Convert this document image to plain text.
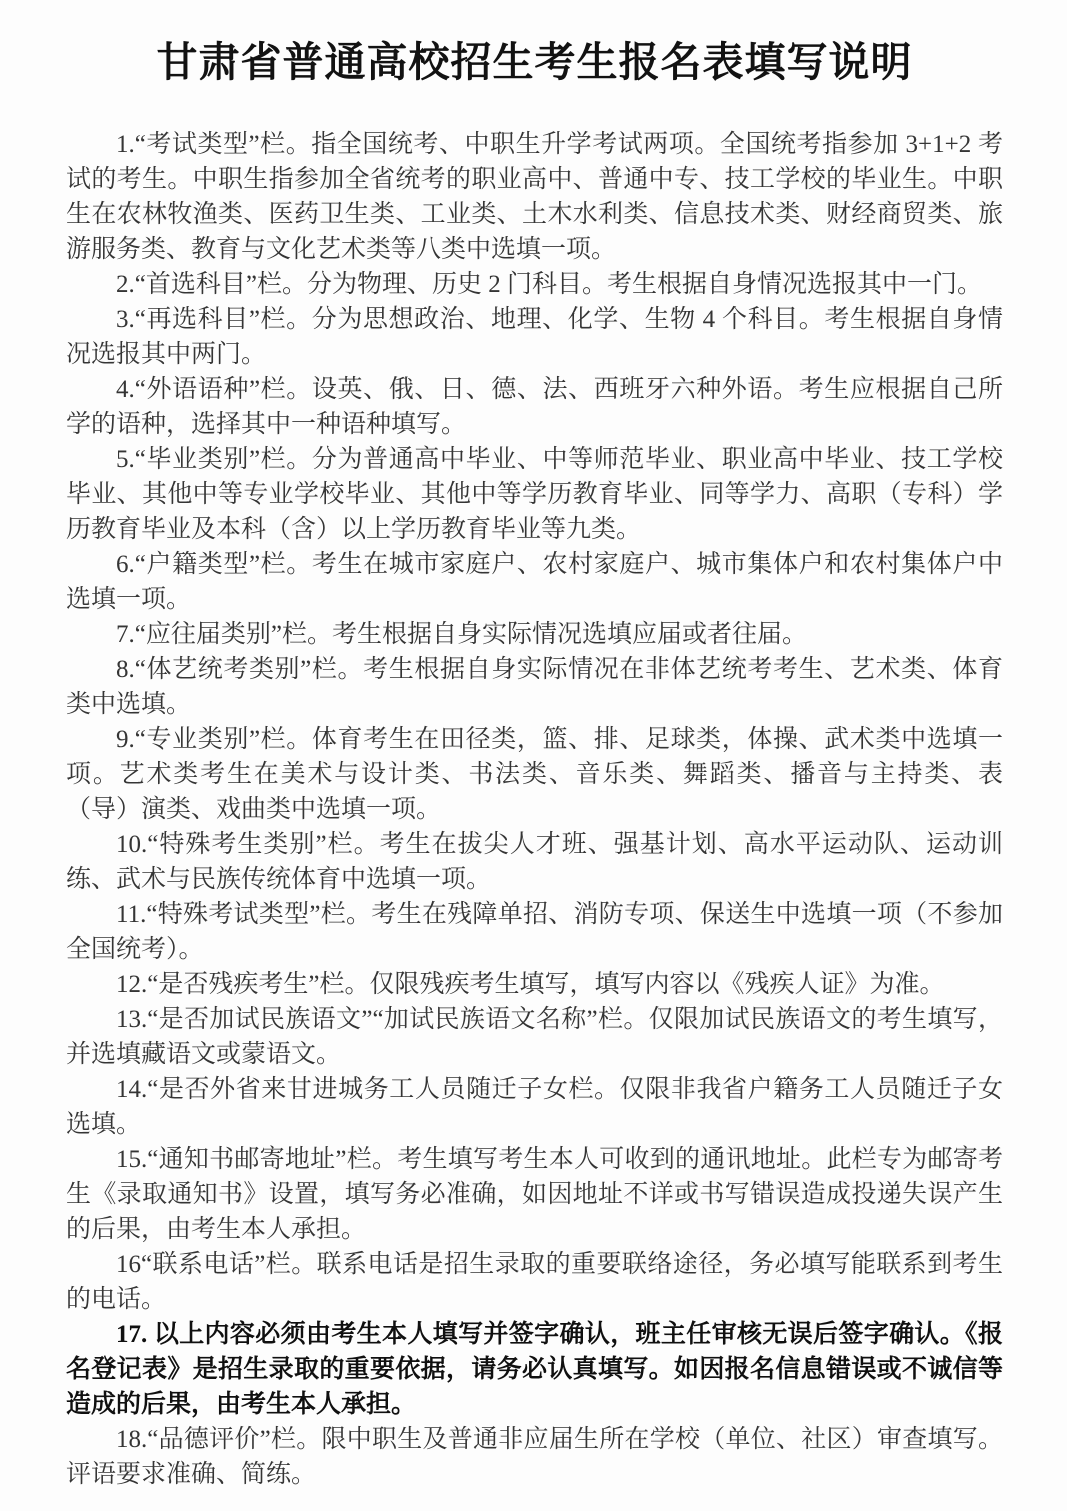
甘肃省普通高校招生考生报名表填写说明

1.“考试类型”栏。指全国统考、中职生升学考试两项。全国统考指参加 3+1+2 考试的考生。中职生指参加全省统考的职业高中、普通中专、技工学校的毕业生。中职生在农林牧渔类、医药卫生类、工业类、土木水利类、信息技术类、财经商贸类、旅游服务类、教育与文化艺术类等八类中选填一项。

2.“首选科目”栏。分为物理、历史 2 门科目。考生根据自身情况选报其中一门。

3.“再选科目”栏。分为思想政治、地理、化学、生物 4 个科目。考生根据自身情况选报其中两门。

4.“外语语种”栏。设英、俄、日、德、法、西班牙六种外语。考生应根据自己所学的语种，选择其中一种语种填写。

5.“毕业类别”栏。分为普通高中毕业、中等师范毕业、职业高中毕业、技工学校毕业、其他中等专业学校毕业、其他中等学历教育毕业、同等学力、高职（专科）学历教育毕业及本科（含）以上学历教育毕业等九类。

6.“户籍类型”栏。考生在城市家庭户、农村家庭户、城市集体户和农村集体户中选填一项。

7.“应往届类别”栏。考生根据自身实际情况选填应届或者往届。

8.“体艺统考类别”栏。考生根据自身实际情况在非体艺统考考生、艺术类、体育类中选填。

9.“专业类别”栏。体育考生在田径类，篮、排、足球类，体操、武术类中选填一项。艺术类考生在美术与设计类、书法类、音乐类、舞蹈类、播音与主持类、表（导）演类、戏曲类中选填一项。

10.“特殊考生类别”栏。考生在拔尖人才班、强基计划、高水平运动队、运动训练、武术与民族传统体育中选填一项。

11.“特殊考试类型”栏。考生在残障单招、消防专项、保送生中选填一项（不参加全国统考）。

12.“是否残疾考生”栏。仅限残疾考生填写，填写内容以《残疾人证》为准。

13.“是否加试民族语文”“加试民族语文名称”栏。仅限加试民族语文的考生填写，并选填藏语文或蒙语文。

14.“是否外省来甘进城务工人员随迁子女栏。仅限非我省户籍务工人员随迁子女选填。

15.“通知书邮寄地址”栏。考生填写考生本人可收到的通讯地址。此栏专为邮寄考生《录取通知书》设置，填写务必准确，如因地址不详或书写错误造成投递失误产生的后果，由考生本人承担。

16“联系电话”栏。联系电话是招生录取的重要联络途径，务必填写能联系到考生的电话。

17. 以上内容必须由考生本人填写并签字确认，班主任审核无误后签字确认。《报名登记表》是招生录取的重要依据，请务必认真填写。如因报名信息错误或不诚信等造成的后果，由考生本人承担。

18.“品德评价”栏。限中职生及普通非应届生所在学校（单位、社区）审查填写。评语要求准确、简练。
